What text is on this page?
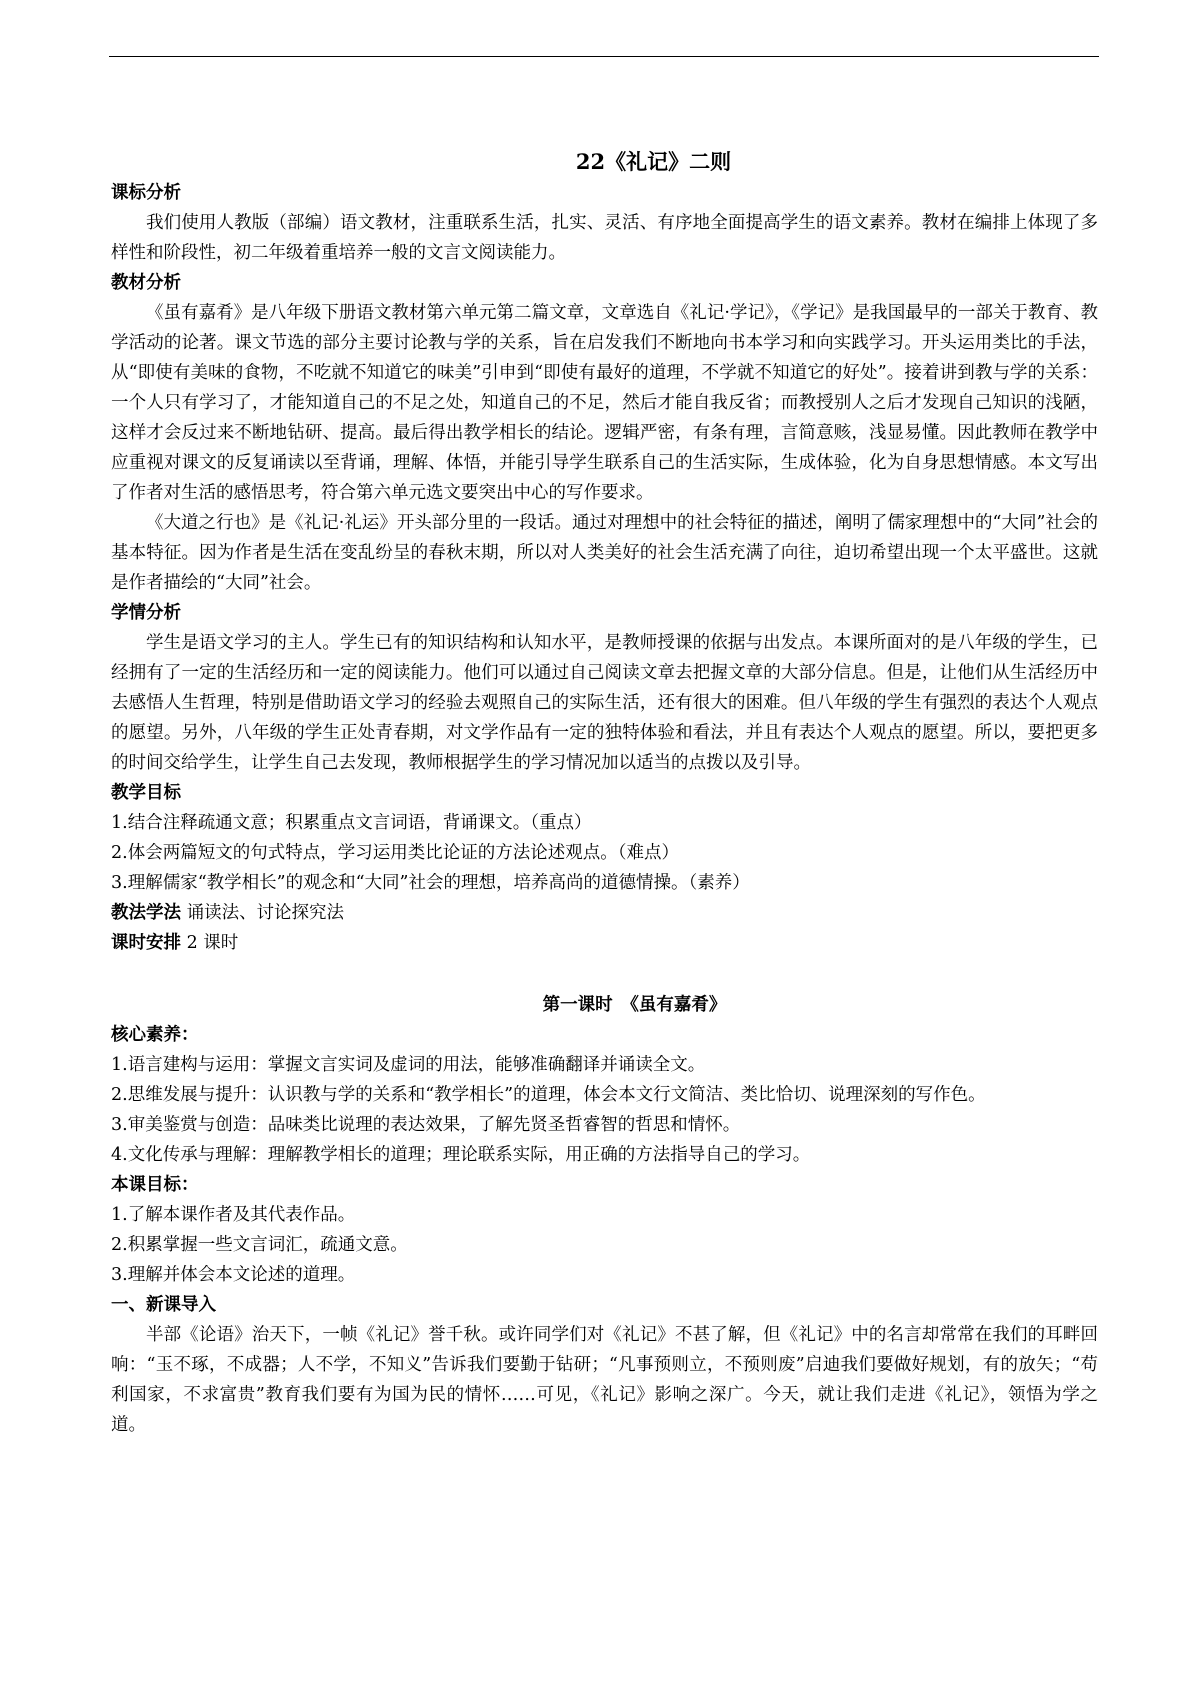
22《礼记》二则
课标分析
我们使用人教版（部编）语文教材，注重联系生活，扎实、灵活、有序地全面提高学生的语文素养。教材在编排上体现了多样性和阶段性，初二年级着重培养一般的文言文阅读能力。
教材分析
《虽有嘉肴》是八年级下册语文教材第六单元第二篇文章，文章选自《礼记·学记》，《学记》是我国最早的一部关于教育、教学活动的论著。课文节选的部分主要讨论教与学的关系，旨在启发我们不断地向书本学习和向实践学习。开头运用类比的手法，从“即使有美味的食物，不吃就不知道它的味美”引申到“即使有最好的道理，不学就不知道它的好处”。接着讲到教与学的关系：一个人只有学习了，才能知道自己的不足之处，知道自己的不足，然后才能自我反省；而教授别人之后才发现自己知识的浅陋，这样才会反过来不断地钻研、提高。最后得出教学相长的结论。逻辑严密，有条有理，言简意赅，浅显易懂。因此教师在教学中应重视对课文的反复诵读以至背诵，理解、体悟，并能引导学生联系自己的生活实际，生成体验，化为自身思想情感。本文写出了作者对生活的感悟思考，符合第六单元选文要突出中心的写作要求。
《大道之行也》是《礼记·礼运》开头部分里的一段话。通过对理想中的社会特征的描述，阐明了儒家理想中的“大同”社会的基本特征。因为作者是生活在变乱纷呈的春秋末期，所以对人类美好的社会生活充满了向往，迫切希望出现一个太平盛世。这就是作者描绘的“大同”社会。
学情分析
学生是语文学习的主人。学生已有的知识结构和认知水平，是教师授课的依据与出发点。本课所面对的是八年级的学生，已经拥有了一定的生活经历和一定的阅读能力。他们可以通过自己阅读文章去把握文章的大部分信息。但是，让他们从生活经历中去感悟人生哲理，特别是借助语文学习的经验去观照自己的实际生活，还有很大的困难。但八年级的学生有强烈的表达个人观点的愿望。另外，八年级的学生正处青春期，对文学作品有一定的独特体验和看法，并且有表达个人观点的愿望。所以，要把更多的时间交给学生，让学生自己去发现，教师根据学生的学习情况加以适当的点拨以及引导。
教学目标
1.结合注释疏通文意；积累重点文言词语，背诵课文。（重点）
2.体会两篇短文的句式特点，学习运用类比论证的方法论述观点。（难点）
3.理解儒家“教学相长”的观念和“大同”社会的理想，培养高尚的道德情操。（素养）
教法学法 诵读法、讨论探究法
课时安排 2 课时
第一课时　《虽有嘉肴》
核心素养：
1.语言建构与运用：掌握文言实词及虚词的用法，能够准确翻译并诵读全文。
2.思维发展与提升：认识教与学的关系和“教学相长”的道理，体会本文行文简洁、类比恰切、说理深刻的写作色。
3.审美鉴赏与创造：品味类比说理的表达效果，了解先贤圣哲睿智的哲思和情怀。
4.文化传承与理解：理解教学相长的道理；理论联系实际，用正确的方法指导自己的学习。
本课目标：
1.了解本课作者及其代表作品。
2.积累掌握一些文言词汇，疏通文意。
3.理解并体会本文论述的道理。
一、新课导入
半部《论语》治天下，一帧《礼记》誉千秋。或许同学们对《礼记》不甚了解，但《礼记》中的名言却常常在我们的耳畔回响：“玉不琢，不成器；人不学，不知义”告诉我们要勤于钻研；“凡事预则立，不预则废”启迪我们要做好规划，有的放矢；“苟利国家，不求富贵”教育我们要有为国为民的情怀……可见，《礼记》影响之深广。今天，就让我们走进《礼记》，领悟为学之道。
